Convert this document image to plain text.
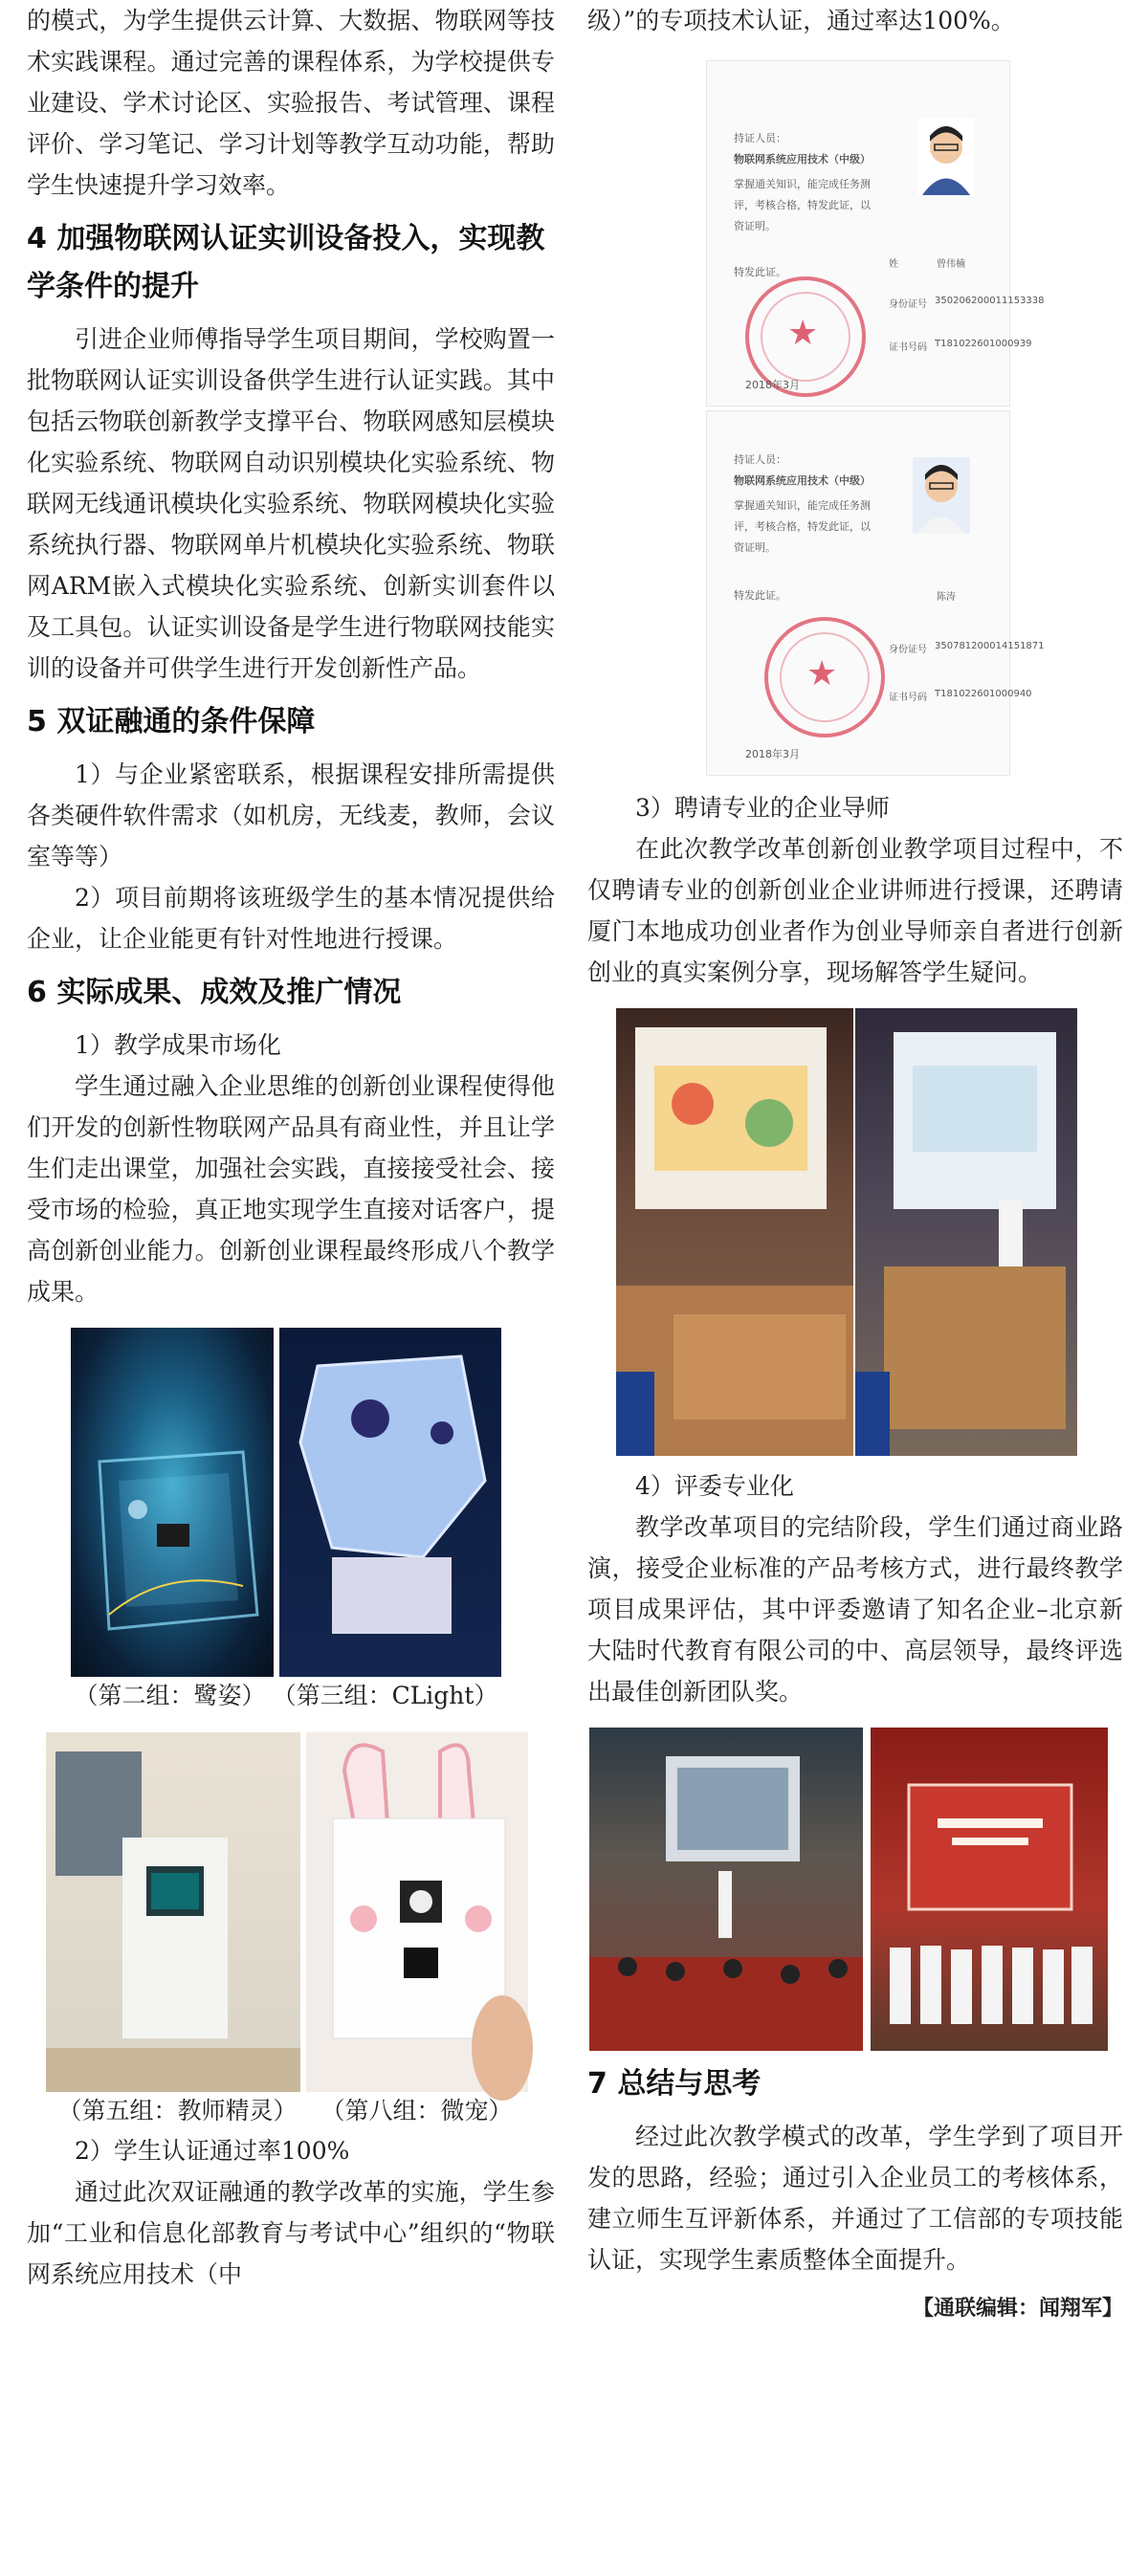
的模式，为学生提供云计算、大数据、物联网等技术实践课程。通过完善的课程体系，为学校提供专业建设、学术讨论区、实验报告、考试管理、课程评价、学习笔记、学习计划等教学互动功能，帮助学生快速提升学习效率。

4 加强物联网认证实训设备投入，实现教学条件的提升

引进企业师傅指导学生项目期间，学校购置一批物联网认证实训设备供学生进行认证实践。其中包括云物联创新教学支撑平台、物联网感知层模块化实验系统、物联网自动识别模块化实验系统、物联网无线通讯模块化实验系统、物联网模块化实验系统执行器、物联网单片机模块化实验系统、物联网ARM嵌入式模块化实验系统、创新实训套件以及工具包。认证实训设备是学生进行物联网技能实训的设备并可供学生进行开发创新性产品。

5 双证融通的条件保障

1）与企业紧密联系，根据课程安排所需提供各类硬件软件需求（如机房，无线麦，教师，会议室等等）

2）项目前期将该班级学生的基本情况提供给企业，让企业能更有针对性地进行授课。

6 实际成果、成效及推广情况

1）教学成果市场化

学生通过融入企业思维的创新创业课程使得他们开发的创新性物联网产品具有商业性，并且让学生们走出课堂，加强社会实践，直接接受社会、接受市场的检验，真正地实现学生直接对话客户，提高创新创业能力。创新创业课程最终形成八个教学成果。

（第二组：鹭姿） （第三组：CLight）
（第五组：教师精灵） （第八组：微宠）

2）学生认证通过率100%

通过此次双证融通的教学改革的实施，学生参加“工业和信息化部教育与考试中心”组织的“物联网系统应用技术（中

级）”的专项技术认证，通过率达100%。

持证人员：
物联网系统应用技术（中级）
掌握通关知识，能完成任务测评，考核合格，特发此证，以资证明。
特发此证。
★
2018年3月
姓	曾伟楠
身份证号 350206200011153338
证书号码 T181022601000939
持证人员：
物联网系统应用技术（中级）
掌握通关知识，能完成任务测评，考核合格，特发此证，以资证明。
特发此证。
★
2018年3月
陈涛
身份证号 350781200014151871
证书号码 T181022601000940

3）聘请专业的企业导师

在此次教学改革创新创业教学项目过程中，不仅聘请专业的创新创业企业讲师进行授课，还聘请厦门本地成功创业者作为创业导师亲自者进行创新创业的真实案例分享，现场解答学生疑问。

4）评委专业化

教学改革项目的完结阶段，学生们通过商业路演，接受企业标准的产品考核方式，进行最终教学项目成果评估，其中评委邀请了知名企业–北京新大陆时代教育有限公司的中、高层领导，最终评选出最佳创新团队奖。

7 总结与思考

经过此次教学模式的改革，学生学到了项目开发的思路，经验；通过引入企业员工的考核体系，建立师生互评新体系，并通过了工信部的专项技能认证，实现学生素质整体全面提升。

【通联编辑：闻翔军】
